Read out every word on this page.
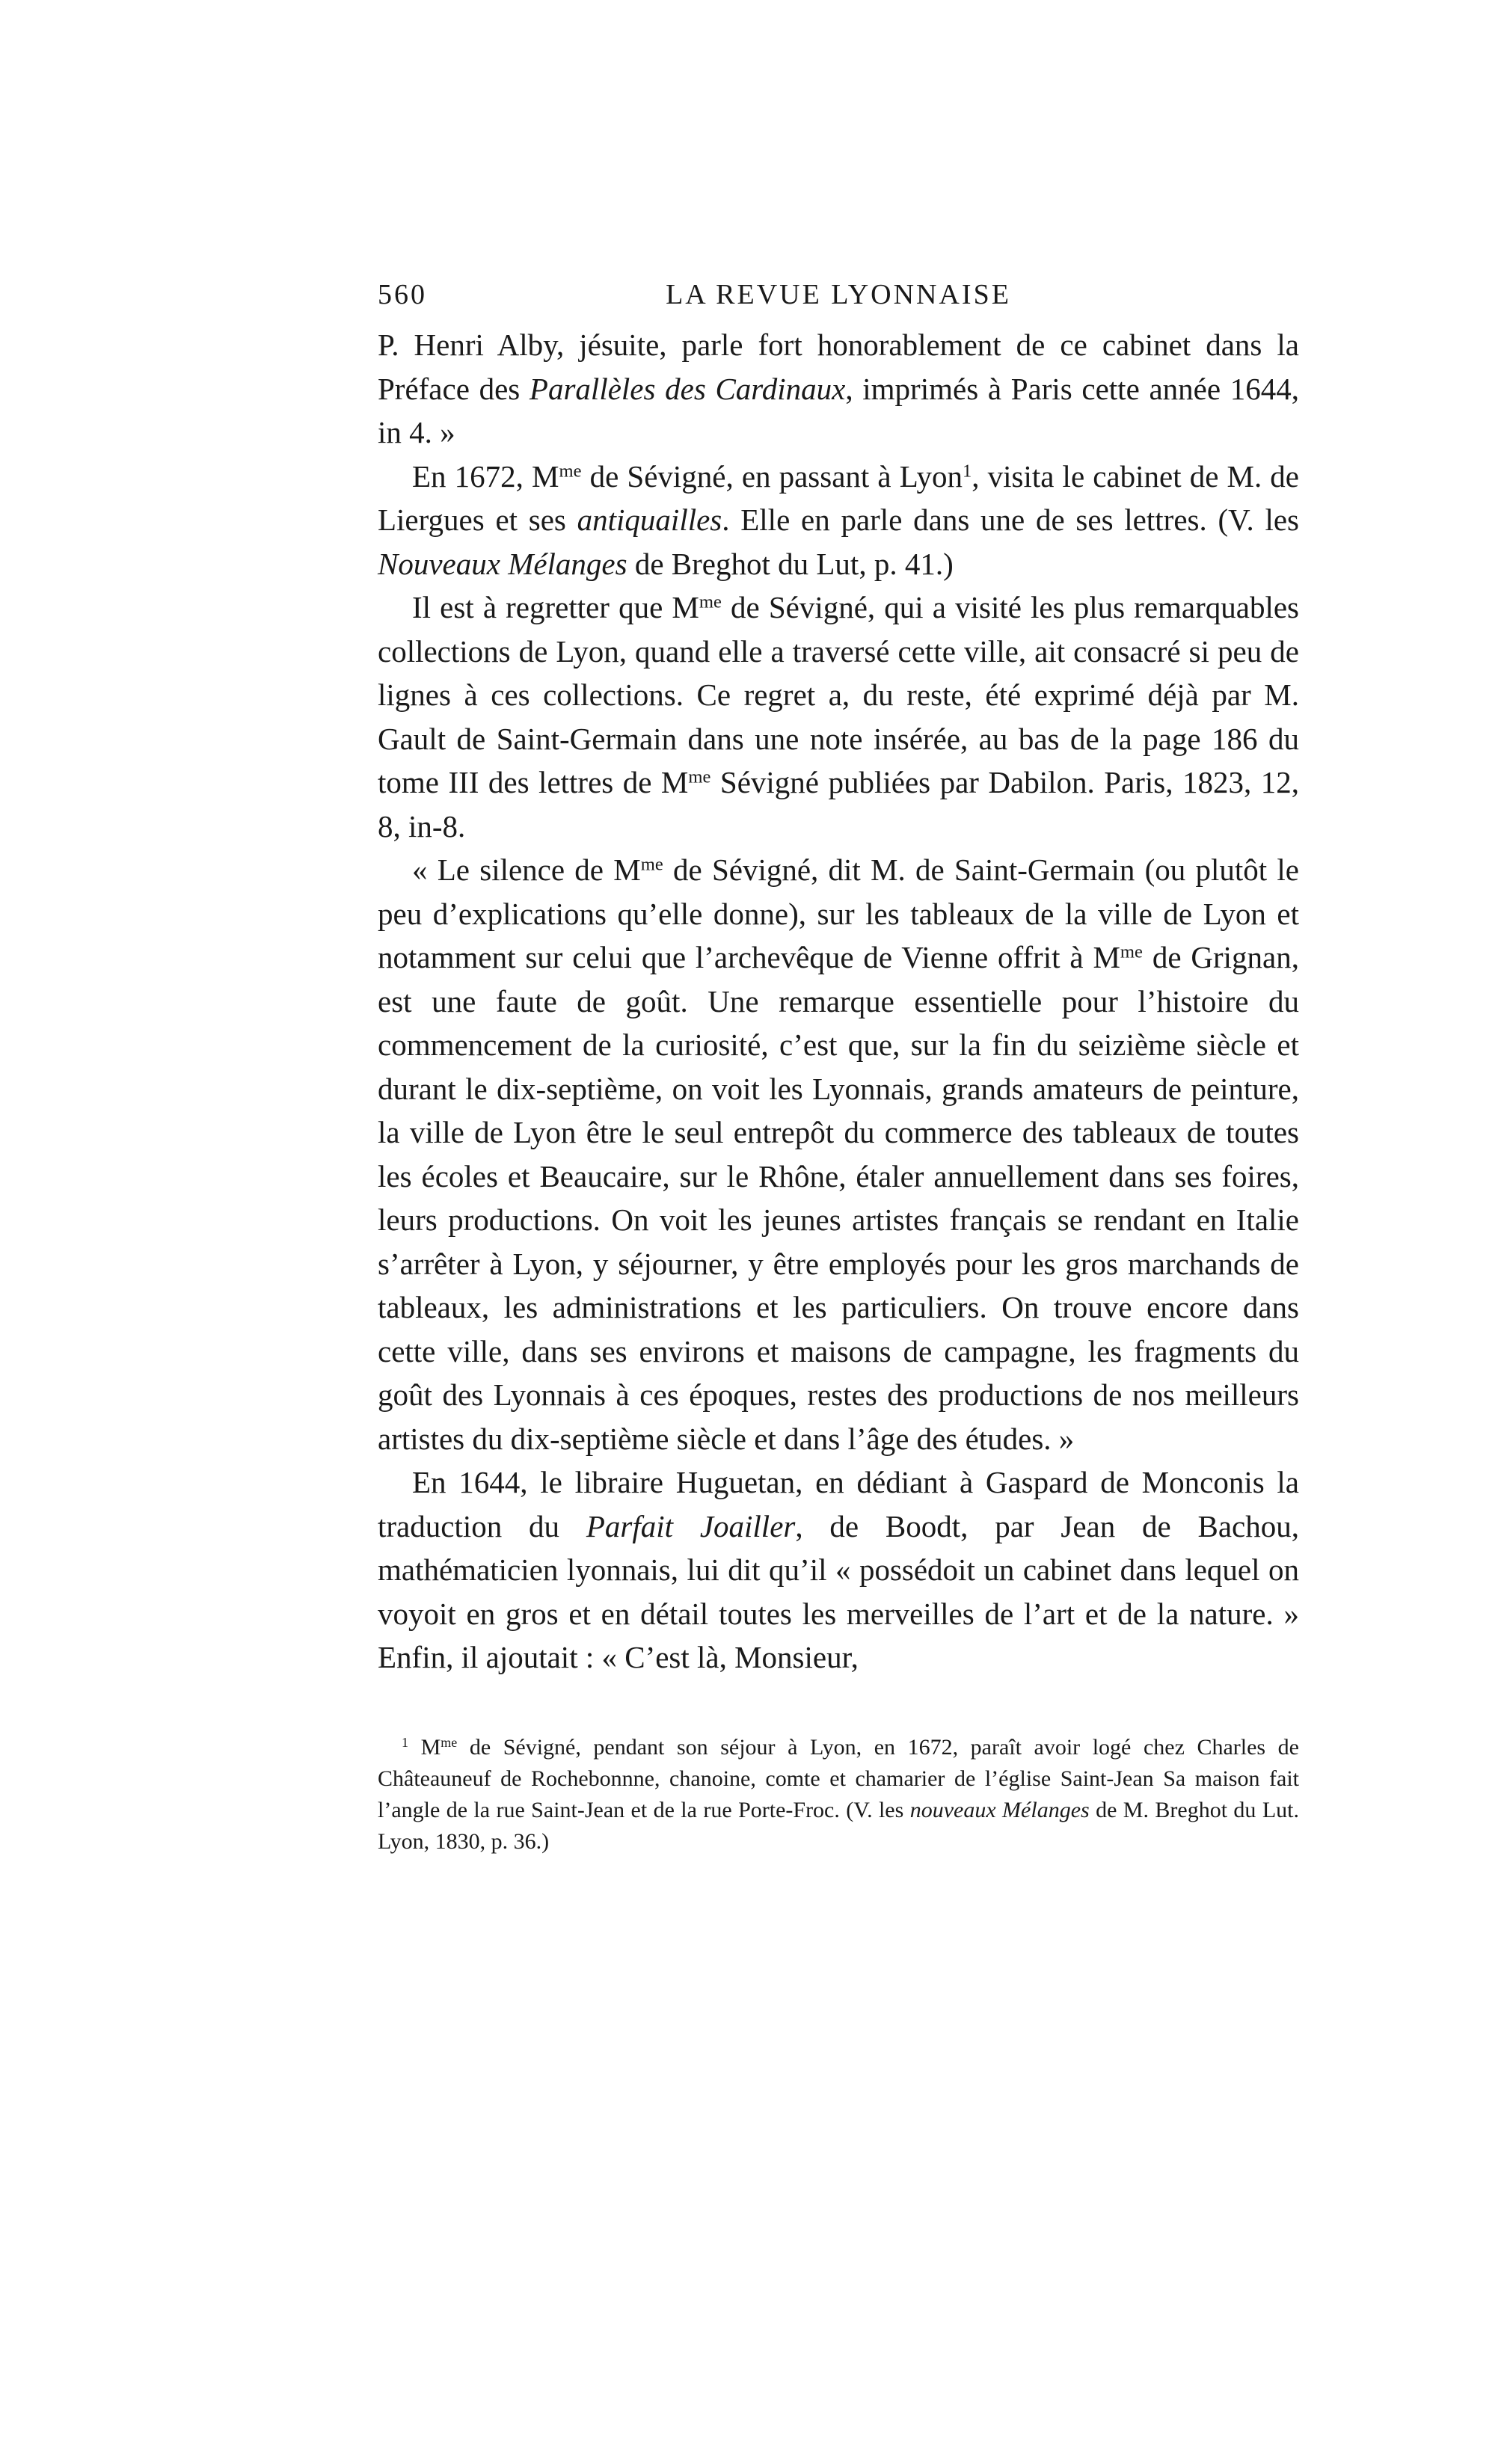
560	LA REVUE LYONNAISE

P. Henri Alby, jésuite, parle fort honorablement de ce cabinet dans la Préface des Parallèles des Cardinaux, imprimés à Paris cette année 1644, in 4. »

En 1672, $M^{me}$ de Sévigné, en passant à Lyon$^1$, visita le cabinet de M. de Liergues et ses antiquailles. Elle en parle dans une de ses lettres. (V. les Nouveaux Mélanges de Breghot du Lut, p. 41.)

Il est à regretter que $M^{me}$ de Sévigné, qui a visité les plus remarquables collections de Lyon, quand elle a traversé cette ville, ait consacré si peu de lignes à ces collections. Ce regret a, du reste, été exprimé déjà par M. Gault de Saint-Germain dans une note insérée, au bas de la page 186 du tome III des lettres de $M^{me}$ Sévigné publiées par Dabilon. Paris, 1823, 12, 8, in-8.

« Le silence de $M^{me}$ de Sévigné, dit M. de Saint-Germain (ou plutôt le peu d’explications qu’elle donne), sur les tableaux de la ville de Lyon et notamment sur celui que l’archevêque de Vienne offrit à $M^{me}$ de Grignan, est une faute de goût. Une remarque essentielle pour l’histoire du commencement de la curiosité, c’est que, sur la fin du seizième siècle et durant le dix-septième, on voit les Lyonnais, grands amateurs de peinture, la ville de Lyon être le seul entrepôt du commerce des tableaux de toutes les écoles et Beaucaire, sur le Rhône, étaler annuellement dans ses foires, leurs productions. On voit les jeunes artistes français se rendant en Italie s’arrêter à Lyon, y séjourner, y être employés pour les gros marchands de tableaux, les administrations et les particuliers. On trouve encore dans cette ville, dans ses environs et maisons de campagne, les fragments du goût des Lyonnais à ces époques, restes des productions de nos meilleurs artistes du dix-septième siècle et dans l’âge des études. »

En 1644, le libraire Huguetan, en dédiant à Gaspard de Monconis la traduction du Parfait Joailler, de Boodt, par Jean de Bachou, mathématicien lyonnais, lui dit qu’il « possédoit un cabinet dans lequel on voyoit en gros et en détail toutes les merveilles de l’art et de la nature. » Enfin, il ajoutait : « C’est là, Monsieur,

$^1$ $M^{me}$ de Sévigné, pendant son séjour à Lyon, en 1672, paraît avoir logé chez Charles de Châteauneuf de Rochebonnne, chanoine, comte et chamarier de l’église Saint-Jean Sa maison fait l’angle de la rue Saint-Jean et de la rue Porte-Froc. (V. les nouveaux Mélanges de M. Breghot du Lut. Lyon, 1830, p. 36.)
